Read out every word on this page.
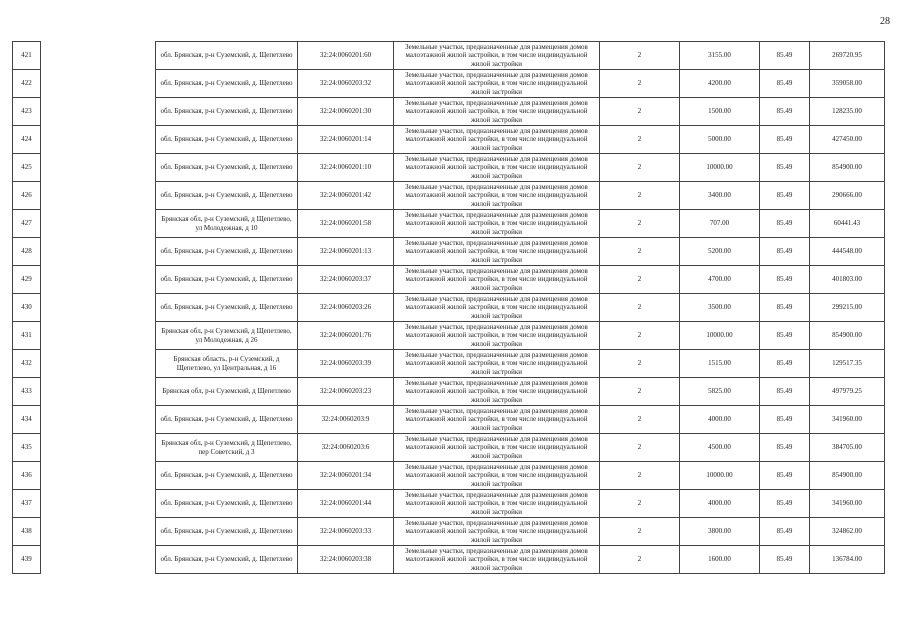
28
421		обл. Брянская, р-н Суземский, д. Щепетлево	32:24:0060201:60	Земельные участки, предназначенные для размещения домов малоэтажной жилой застройки, в том числе индивидуальной жилой застройки	2	3155.00	85.49	269720.95
422		обл. Брянская, р-н Суземский, д. Щепетлево	32:24:0060203:32	Земельные участки, предназначенные для размещения домов малоэтажной жилой застройки, в том числе индивидуальной жилой застройки	2	4200.00	85.49	359058.00
423		обл. Брянская, р-н Суземский, д. Щепетлево	32:24:0060201:30	Земельные участки, предназначенные для размещения домов малоэтажной жилой застройки, в том числе индивидуальной жилой застройки	2	1500.00	85.49	128235.00
424		обл. Брянская, р-н Суземский, д. Щепетлево	32:24:0060201:14	Земельные участки, предназначенные для размещения домов малоэтажной жилой застройки, в том числе индивидуальной жилой застройки	2	5000.00	85.49	427450.00
425		обл. Брянская, р-н Суземский, д. Щепетлево	32:24:0060201:10	Земельные участки, предназначенные для размещения домов малоэтажной жилой застройки, в том числе индивидуальной жилой застройки	2	10000.00	85.49	854900.00
426		обл. Брянская, р-н Суземский, д. Щепетлево	32:24:0060201:42	Земельные участки, предназначенные для размещения домов малоэтажной жилой застройки, в том числе индивидуальной жилой застройки	2	3400.00	85.49	290666.00
427		Брянская обл, р-н Суземский, д Щепетлево, ул Молодежная, д 10	32:24:0060201:58	Земельные участки, предназначенные для размещения домов малоэтажной жилой застройки, в том числе индивидуальной жилой застройки	2	707.00	85.49	60441.43
428		обл. Брянская, р-н Суземский, д. Щепетлево	32:24:0060201:13	Земельные участки, предназначенные для размещения домов малоэтажной жилой застройки, в том числе индивидуальной жилой застройки	2	5200.00	85.49	444548.00
429		обл. Брянская, р-н Суземский, д. Щепетлево	32:24:0060203:37	Земельные участки, предназначенные для размещения домов малоэтажной жилой застройки, в том числе индивидуальной жилой застройки	2	4700.00	85.49	401803.00
430		обл. Брянская, р-н Суземский, д. Щепетлево	32:24:0060203:26	Земельные участки, предназначенные для размещения домов малоэтажной жилой застройки, в том числе индивидуальной жилой застройки	2	3500.00	85.49	299215.00
431		Брянская обл, р-н Суземский, д Щепетлево, ул Молодежная, д 26	32:24:0060201:76	Земельные участки, предназначенные для размещения домов малоэтажной жилой застройки, в том числе индивидуальной жилой застройки	2	10000.00	85.49	854900.00
432		Брянская область, р-н Суземский, д Щепетлево, ул Центральная, д 16	32:24:0060203:39	Земельные участки, предназначенные для размещения домов малоэтажной жилой застройки, в том числе индивидуальной жилой застройки	2	1515.00	85.49	129517.35
433		Брянская обл, р-н Суземский, д Щепетлево	32:24:0060203:23	Земельные участки, предназначенные для размещения домов малоэтажной жилой застройки, в том числе индивидуальной жилой застройки	2	5825.00	85.49	497979.25
434		обл. Брянская, р-н Суземский, д. Щепетлево	32:24:0060203:9	Земельные участки, предназначенные для размещения домов малоэтажной жилой застройки, в том числе индивидуальной жилой застройки	2	4000.00	85.49	341960.00
435		Брянская обл, р-н Суземский, д Щепетлево, пер Советский, д 3	32:24:0060203:6	Земельные участки, предназначенные для размещения домов малоэтажной жилой застройки, в том числе индивидуальной жилой застройки	2	4500.00	85.49	384705.00
436		обл. Брянская, р-н Суземский, д. Щепетлево	32:24:0060201:34	Земельные участки, предназначенные для размещения домов малоэтажной жилой застройки, в том числе индивидуальной жилой застройки	2	10000.00	85.49	854900.00
437		обл. Брянская, р-н Суземский, д. Щепетлево	32:24:0060201:44	Земельные участки, предназначенные для размещения домов малоэтажной жилой застройки, в том числе индивидуальной жилой застройки	2	4000.00	85.49	341960.00
438		обл. Брянская, р-н Суземский, д. Щепетлево	32:24:0060203:33	Земельные участки, предназначенные для размещения домов малоэтажной жилой застройки, в том числе индивидуальной жилой застройки	2	3800.00	85.49	324862.00
439		обл. Брянская, р-н Суземский, д. Щепетлево	32:24:0060203:38	Земельные участки, предназначенные для размещения домов малоэтажной жилой застройки, в том числе индивидуальной жилой застройки	2	1600.00	85.49	136784.00
